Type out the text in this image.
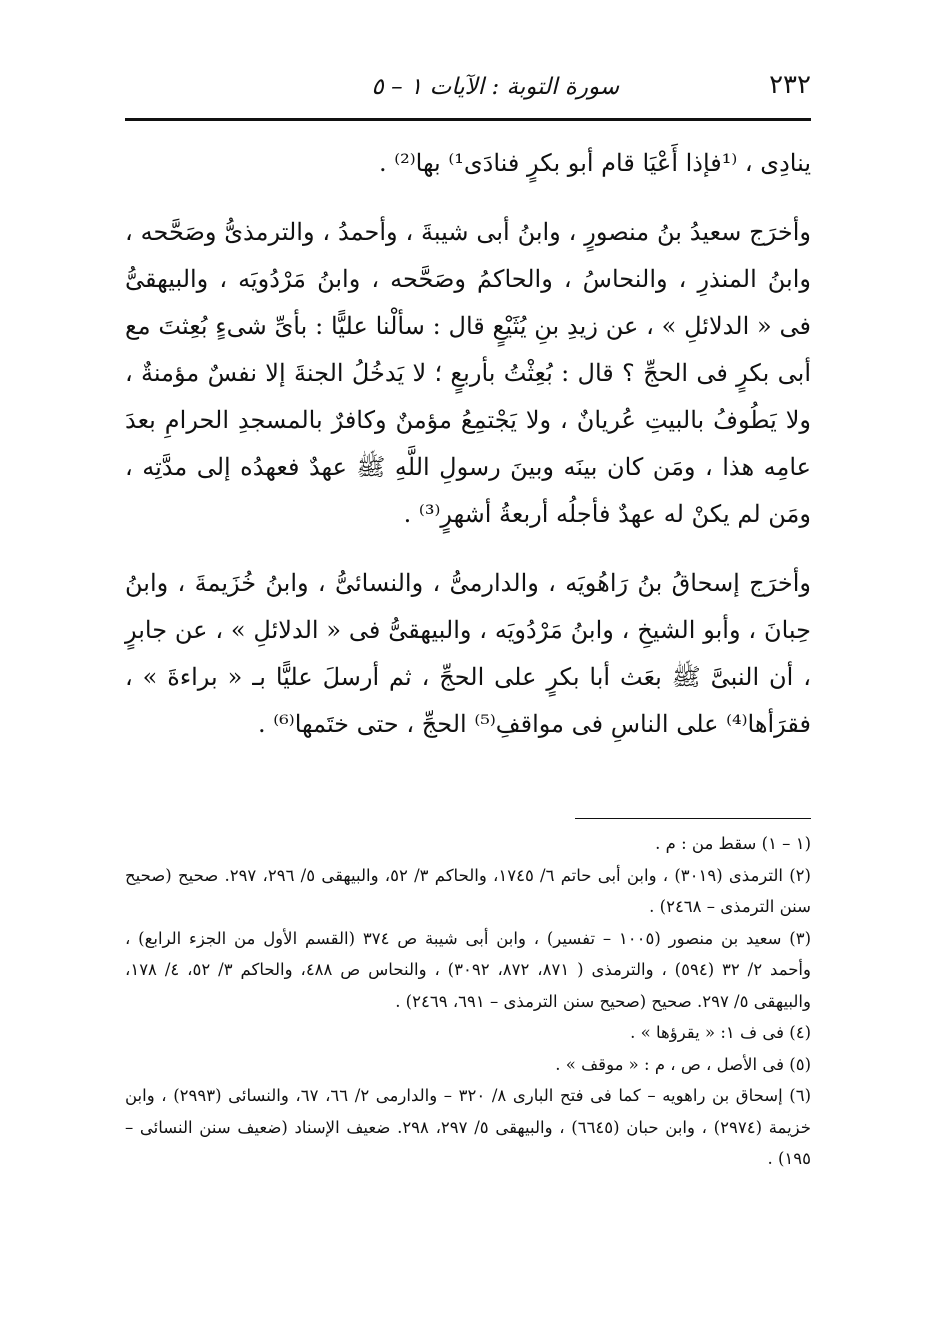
٢٣٢
سورة التوبة : الآيات ١ – ٥

ينادِى ، ⁽¹فإذا أَعْيَا قام أبو بكرٍ فنادَى¹⁾ بها⁽²⁾ .

وأخرَج سعيدُ بنُ منصورٍ ، وابنُ أبى شيبةَ ، وأحمدُ ، والترمذىُّ وصَحَّحه ، وابنُ المنذرِ ، والنحاسُ ، والحاكمُ وصَحَّحه ، وابنُ مَرْدُويَه ، والبيهقىُّ فى « الدلائلِ » ، عن زيدِ بنِ يُثَيْعٍ قال : سألْنا عليًّا : بأىِّ شىءٍ بُعِثتَ مع أبى بكرٍ فى الحجِّ ؟ قال : بُعِثْتُ بأربعٍ ؛ لا يَدخُلُ الجنةَ إلا نفسٌ مؤمنةٌ ، ولا يَطُوفُ بالبيتِ عُريانٌ ، ولا يَجْتمِعُ مؤمنٌ وكافرٌ بالمسجدِ الحرامِ بعدَ عامِه هذا ، ومَن كان بينَه وبينَ رسولِ اللَّهِ ﷺ عهدٌ فعهدُه إلى مدَّتِه ، ومَن لم يكنْ له عهدٌ فأجلُه أربعةُ أشهرٍ⁽³⁾ .

وأخرَج إسحاقُ بنُ رَاهُويَه ، والدارمىُّ ، والنسائىُّ ، وابنُ خُزَيمةَ ، وابنُ حِبانَ ، وأبو الشيخِ ، وابنُ مَرْدُويَه ، والبيهقىُّ فى « الدلائلِ » ، عن جابرٍ ، أن النبىَّ ﷺ بعَث أبا بكرٍ على الحجِّ ، ثم أرسلَ عليًّا بـ « براءةَ » ، فقرَأها⁽⁴⁾ على الناسِ فى مواقفِ⁽⁵⁾ الحجِّ ، حتى ختَمها⁽⁶⁾ .

(١ – ١) سقط من : م .

(٢) الترمذى (٣٠١٩) ، وابن أبى حاتم ٦/ ١٧٤٥، والحاكم ٣/ ٥٢، والبيهقى ٥/ ٢٩٦، ٢٩٧. صحيح (صحيح سنن الترمذى – ٢٤٦٨) .

(٣) سعيد بن منصور (١٠٠٥ – تفسير) ، وابن أبى شيبة ص ٣٧٤ (القسم الأول من الجزء الرابع) ، وأحمد ٢/ ٣٢ (٥٩٤) ، والترمذى ( ٨٧١، ٨٧٢، ٣٠٩٢) ، والنحاس ص ٤٨٨، والحاكم ٣/ ٥٢، ٤/ ١٧٨، والبيهقى ٥/ ٢٩٧. صحيح (صحيح سنن الترمذى – ٦٩١، ٢٤٦٩) .

(٤) فى ف ١: « يقرؤها » .

(٥) فى الأصل ، ص ، م : « موقف » .

(٦) إسحاق بن راهويه – كما فى فتح البارى ٨/ ٣٢٠ – والدارمى ٢/ ٦٦، ٦٧، والنسائى (٢٩٩٣) ، وابن خزيمة (٢٩٧٤) ، وابن حبان (٦٦٤٥) ، والبيهقى ٥/ ٢٩٧، ٢٩٨. ضعيف الإسناد (ضعيف سنن النسائى – ١٩٥) .
